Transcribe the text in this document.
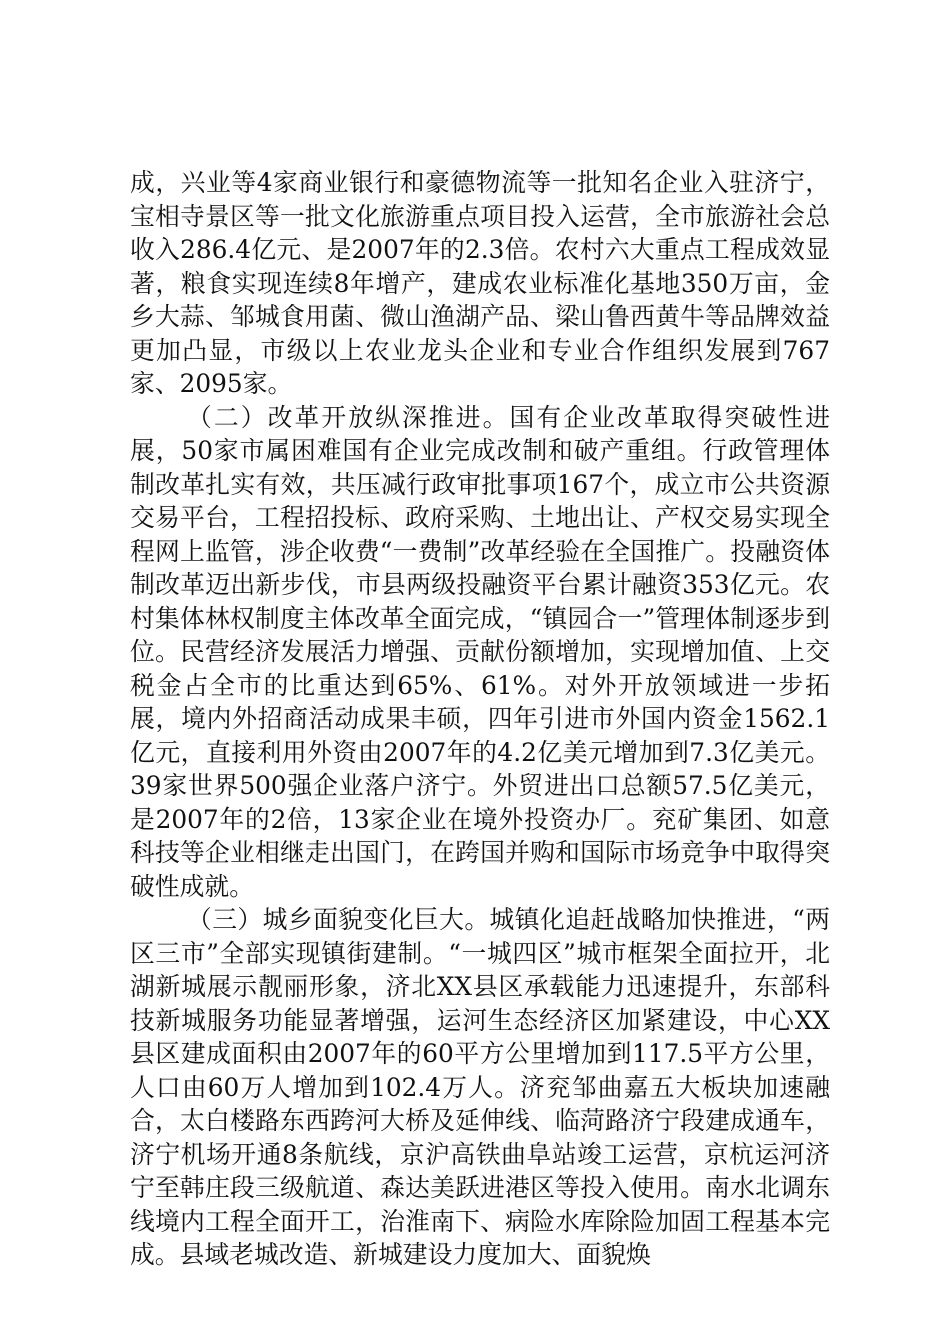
成，兴业等4家商业银行和豪德物流等一批知名企业入驻济宁，宝相寺景区等一批文化旅游重点项目投入运营，全市旅游社会总收入286.4亿元、是2007年的2.3倍。农村六大重点工程成效显著，粮食实现连续8年增产，建成农业标准化基地350万亩，金乡大蒜、邹城食用菌、微山渔湖产品、梁山鲁西黄牛等品牌效益更加凸显，市级以上农业龙头企业和专业合作组织发展到767家、2095家。

（二）改革开放纵深推进。国有企业改革取得突破性进展，50家市属困难国有企业完成改制和破产重组。行政管理体制改革扎实有效，共压减行政审批事项167个，成立市公共资源交易平台，工程招投标、政府采购、土地出让、产权交易实现全程网上监管，涉企收费“一费制”改革经验在全国推广。投融资体制改革迈出新步伐，市县两级投融资平台累计融资353亿元。农村集体林权制度主体改革全面完成，“镇园合一”管理体制逐步到位。民营经济发展活力增强、贡献份额增加，实现增加值、上交税金占全市的比重达到65%、61%。对外开放领域进一步拓展，境内外招商活动成果丰硕，四年引进市外国内资金1562.1亿元，直接利用外资由2007年的4.2亿美元增加到7.3亿美元。39家世界500强企业落户济宁。外贸进出口总额57.5亿美元，是2007年的2倍，13家企业在境外投资办厂。兖矿集团、如意科技等企业相继走出国门，在跨国并购和国际市场竞争中取得突破性成就。

（三）城乡面貌变化巨大。城镇化追赶战略加快推进，“两区三市”全部实现镇街建制。“一城四区”城市框架全面拉开，北湖新城展示靓丽形象，济北XX县区承载能力迅速提升，东部科技新城服务功能显著增强，运河生态经济区加紧建设，中心XX县区建成面积由2007年的60平方公里增加到117.5平方公里，人口由60万人增加到102.4万人。济兖邹曲嘉五大板块加速融合，太白楼路东西跨河大桥及延伸线、临菏路济宁段建成通车，济宁机场开通8条航线，京沪高铁曲阜站竣工运营，京杭运河济宁至韩庄段三级航道、森达美跃进港区等投入使用。南水北调东线境内工程全面开工，治淮南下、病险水库除险加固工程基本完成。县域老城改造、新城建设力度加大、面貌焕
